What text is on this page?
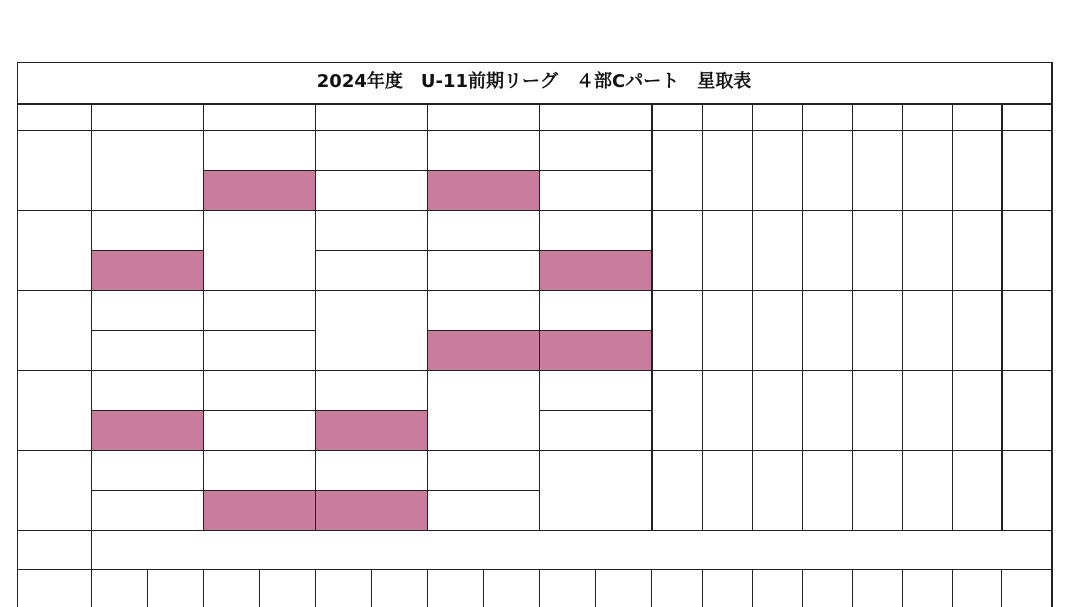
2024年度　U-11前期リーグ　４部Cパート　星取表
